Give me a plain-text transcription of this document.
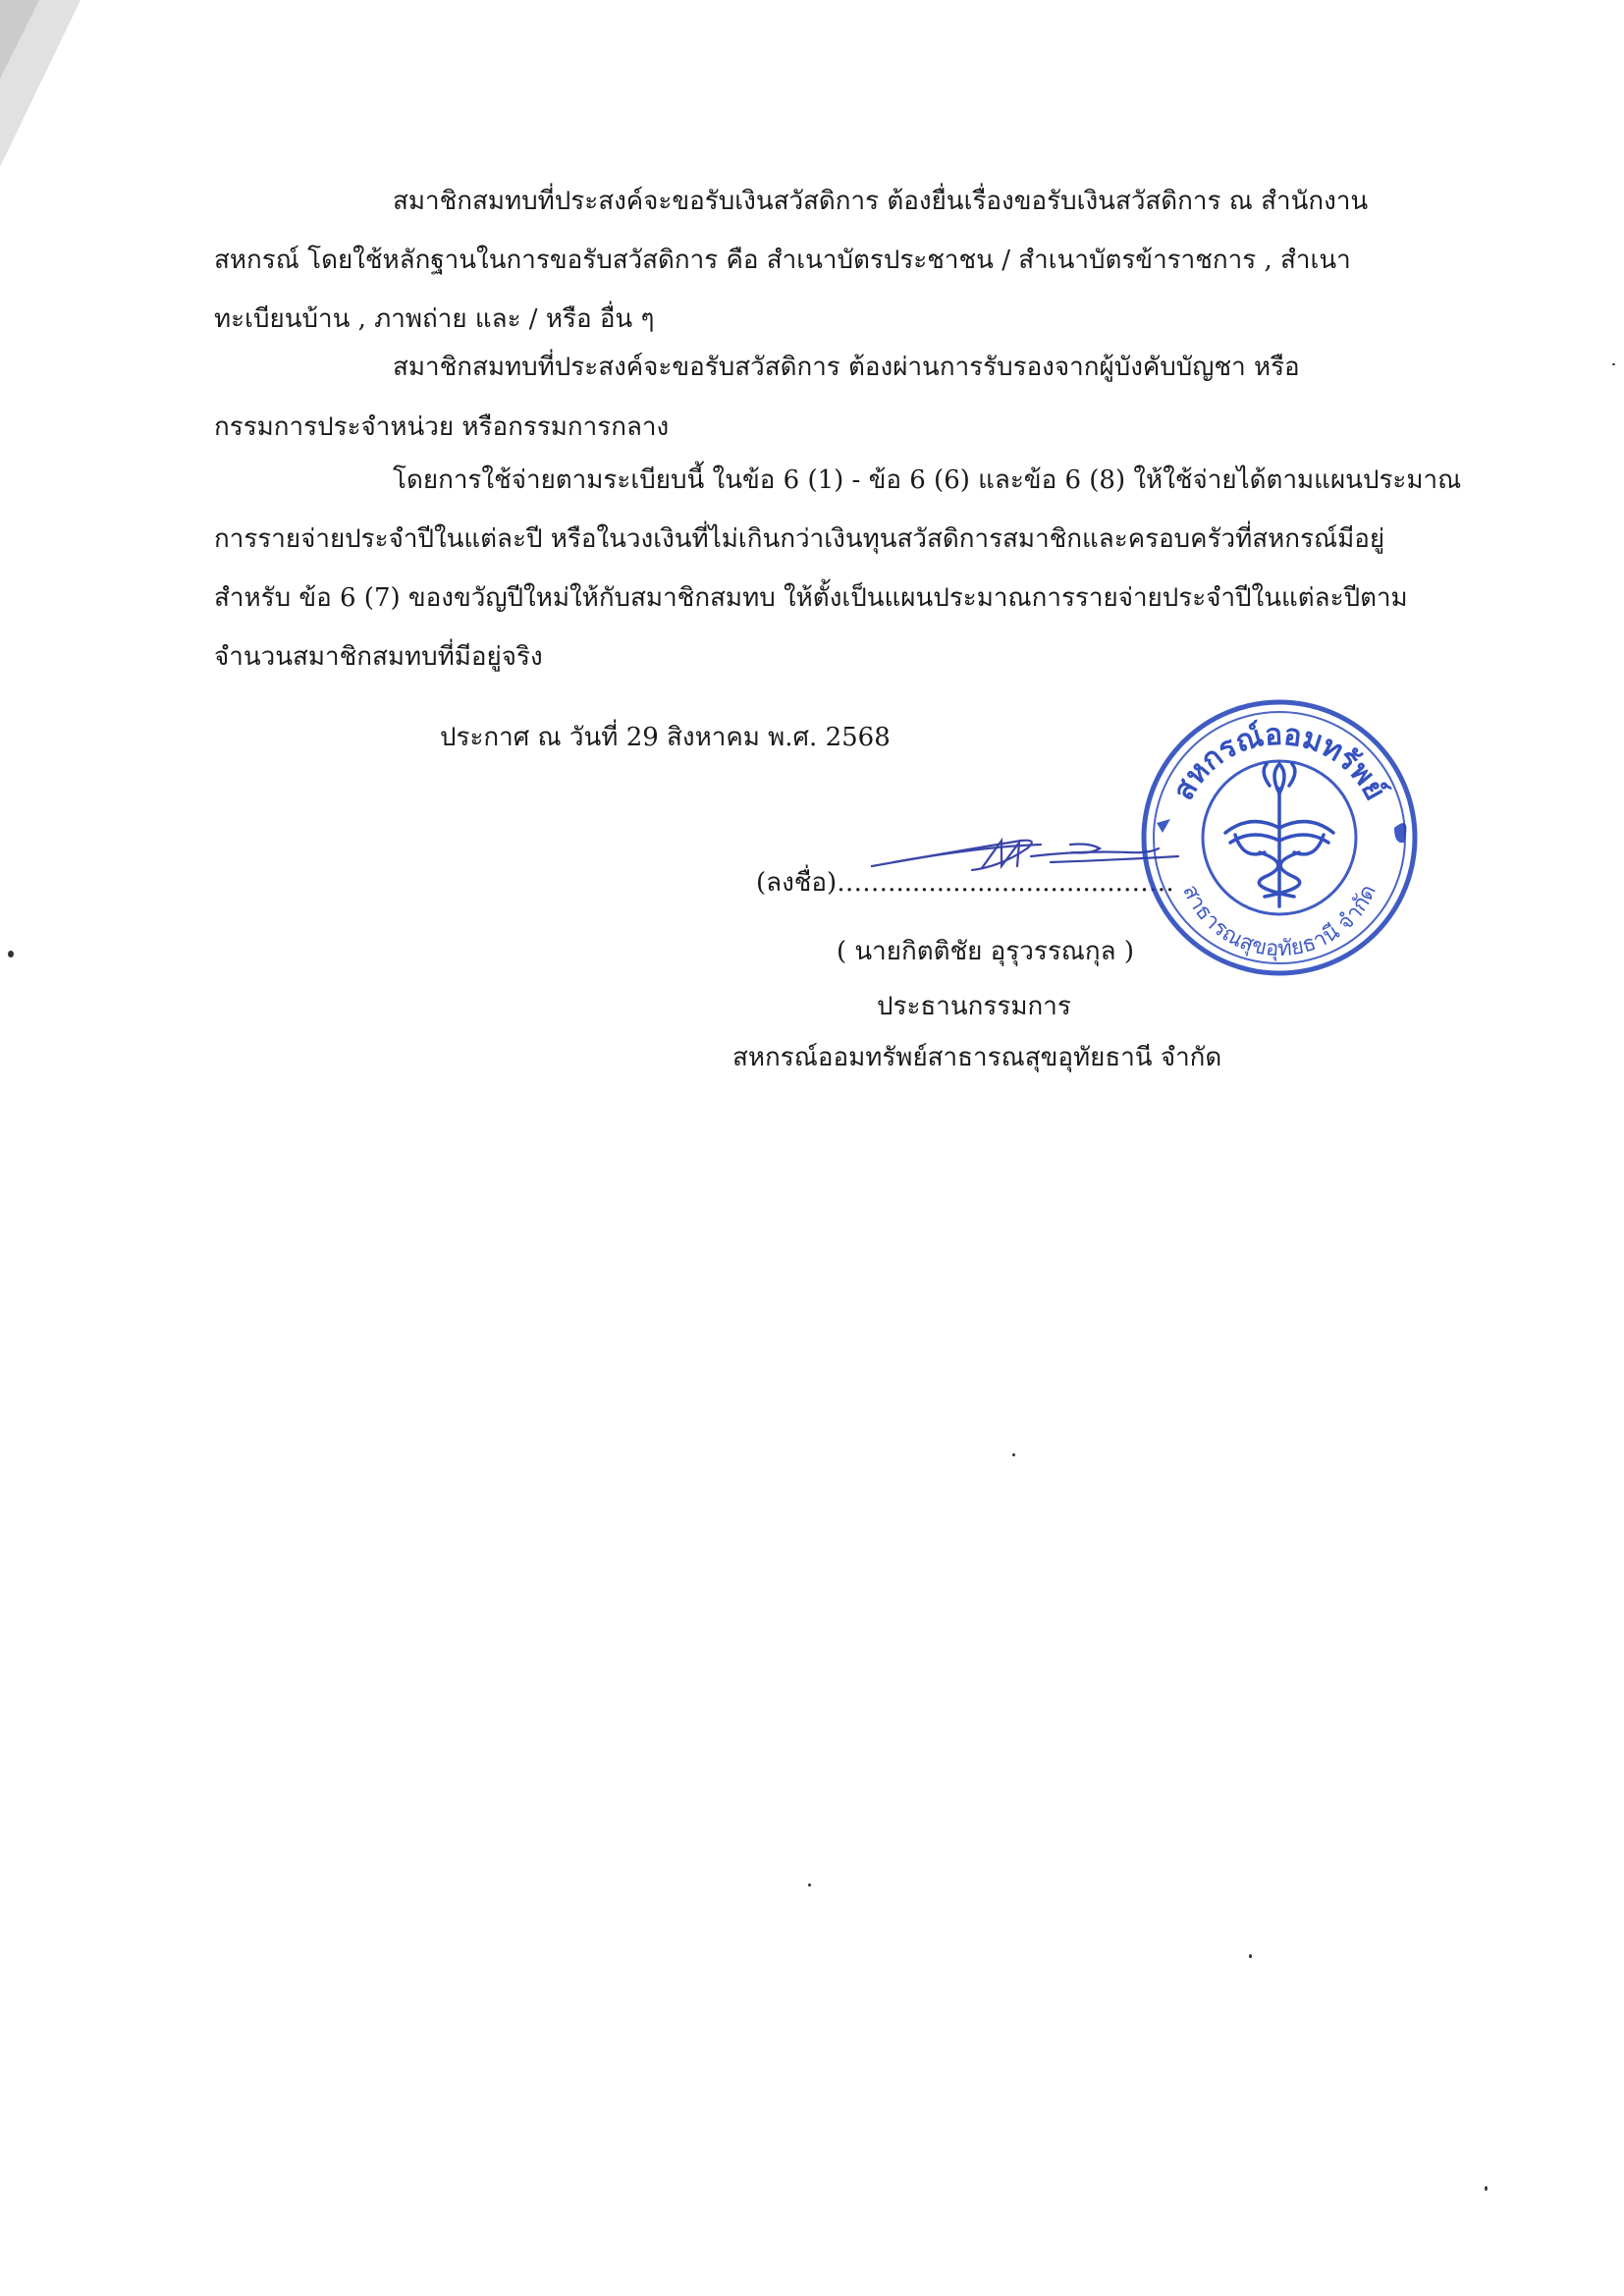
สมาชิกสมทบที่ประสงค์จะขอรับเงินสวัสดิการ ต้องยื่นเรื่องขอรับเงินสวัสดิการ ณ สำนักงาน
สหกรณ์ โดยใช้หลักฐานในการขอรับสวัสดิการ คือ สำเนาบัตรประชาชน / สำเนาบัตรข้าราชการ , สำเนา
ทะเบียนบ้าน , ภาพถ่าย และ / หรือ อื่น ๆ
สมาชิกสมทบที่ประสงค์จะขอรับสวัสดิการ ต้องผ่านการรับรองจากผู้บังคับบัญชา หรือ
กรรมการประจำหน่วย หรือกรรมการกลาง
โดยการใช้จ่ายตามระเบียบนี้ ในข้อ 6 (1) - ข้อ 6 (6) และข้อ 6 (8) ให้ใช้จ่ายได้ตามแผนประมาณ
การรายจ่ายประจำปีในแต่ละปี หรือในวงเงินที่ไม่เกินกว่าเงินทุนสวัสดิการสมาชิกและครอบครัวที่สหกรณ์มีอยู่
สำหรับ ข้อ 6 (7) ของขวัญปีใหม่ให้กับสมาชิกสมทบ ให้ตั้งเป็นแผนประมาณการรายจ่ายประจำปีในแต่ละปีตาม
จำนวนสมาชิกสมทบที่มีอยู่จริง
ประกาศ ณ วันที่ 29 สิงหาคม พ.ศ. 2568
(ลงชื่อ)…….............................……
( นายกิตติชัย อุรุวรรณกุล )
ประธานกรรมการ
สหกรณ์ออมทรัพย์สาธารณสุขอุทัยธานี จำกัด
สหกรณ์ออมทรัพย์
สาธารณสุขอุทัยธานี จำกัด
